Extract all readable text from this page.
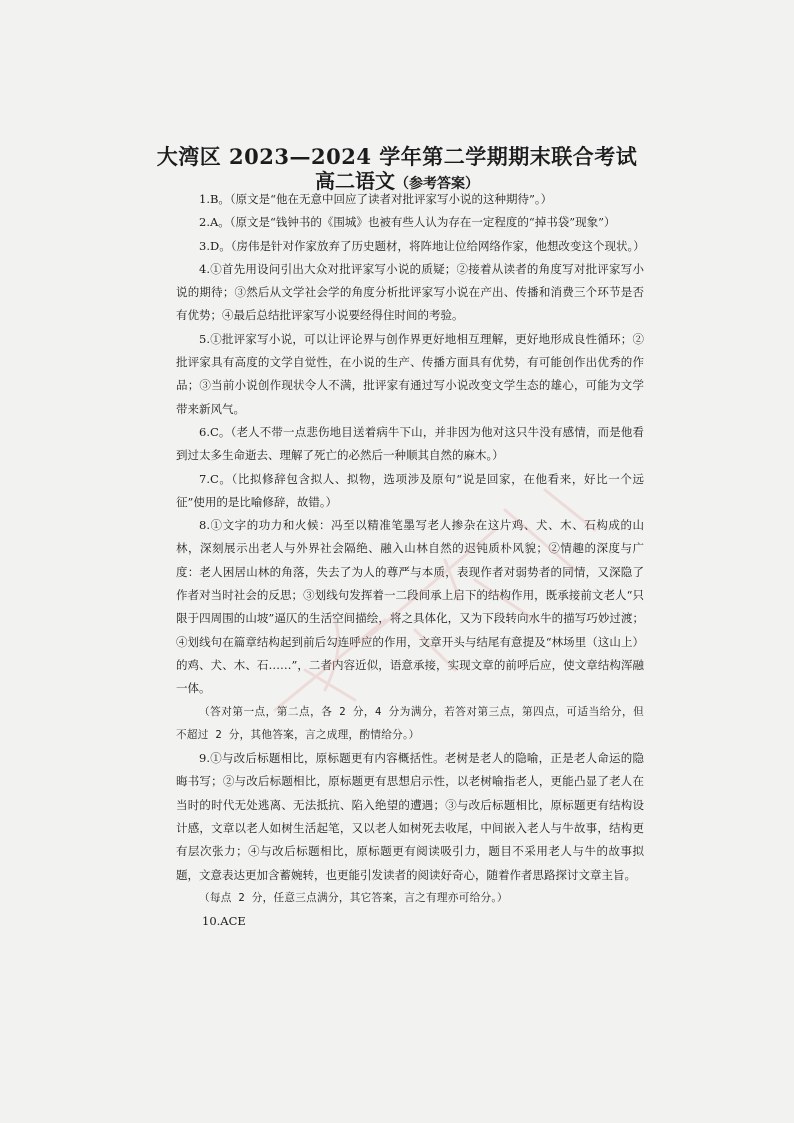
大湾区 2023—2024 学年第二学期期末联合考试
高二语文（参考答案）

1.B。（原文是“他在无意中回应了读者对批评家写小说的这种期待”。）

2.A。（原文是“钱钟书的《围城》也被有些人认为存在一定程度的“掉书袋”现象”）

3.D。（房伟是针对作家放弃了历史题材，将阵地让位给网络作家，他想改变这个现状。）

4.①首先用设问引出大众对批评家写小说的质疑；②接着从读者的角度写对批评家写小说的期待；③然后从文学社会学的角度分析批评家写小说在产出、传播和消费三个环节是否有优势；④最后总结批评家写小说要经得住时间的考验。

5.①批评家写小说，可以让评论界与创作界更好地相互理解，更好地形成良性循环；②批评家具有高度的文学自觉性，在小说的生产、传播方面具有优势，有可能创作出优秀的作品；③当前小说创作现状令人不满，批评家有通过写小说改变文学生态的雄心，可能为文学带来新风气。

6.C。（老人不带一点悲伤地目送着病牛下山，并非因为他对这只牛没有感情，而是他看到过太多生命逝去、理解了死亡的必然后一种顺其自然的麻木。）

7.C。（比拟修辞包含拟人、拟物，选项涉及原句“说是回家，在他看来，好比一个远征”使用的是比喻修辞，故错。）

8.①文字的功力和火候：冯至以精准笔墨写老人掺杂在这片鸡、犬、木、石构成的山林，深刻展示出老人与外界社会隔绝、融入山林自然的迟钝质朴风貌；②情趣的深度与广度：老人困居山林的角落，失去了为人的尊严与本质，表现作者对弱势者的同情，又深隐了作者对当时社会的反思；③划线句发挥着一二段间承上启下的结构作用，既承接前文老人“只限于四周围的山坡”逼仄的生活空间描绘，将之具体化，又为下段转向水牛的描写巧妙过渡；④划线句在篇章结构起到前后勾连呼应的作用，文章开头与结尾有意提及“林场里（这山上）的鸡、犬、木、石……”，二者内容近似，语意承接，实现文章的前呼后应，使文章结构浑融一体。

（答对第一点，第二点，各 2 分，4 分为满分，若答对第三点，第四点，可适当给分，但不超过 2 分，其他答案，言之成理，酌情给分。）

9.①与改后标题相比，原标题更有内容概括性。老树是老人的隐喻，正是老人命运的隐晦书写；②与改后标题相比，原标题更有思想启示性，以老树喻指老人，更能凸显了老人在当时的时代无处逃离、无法抵抗、陷入绝望的遭遇；③与改后标题相比，原标题更有结构设计感，文章以老人如树生活起笔，又以老人如树死去收尾，中间嵌入老人与牛故事，结构更有层次张力；④与改后标题相比，原标题更有阅读吸引力，题目不采用老人与牛的故事拟题，文意表达更加含蓄婉转，也更能引发读者的阅读好奇心，随着作者思路探讨文章主旨。

（每点 2 分，任意三点满分，其它答案，言之有理亦可给分。）

10.ACE
